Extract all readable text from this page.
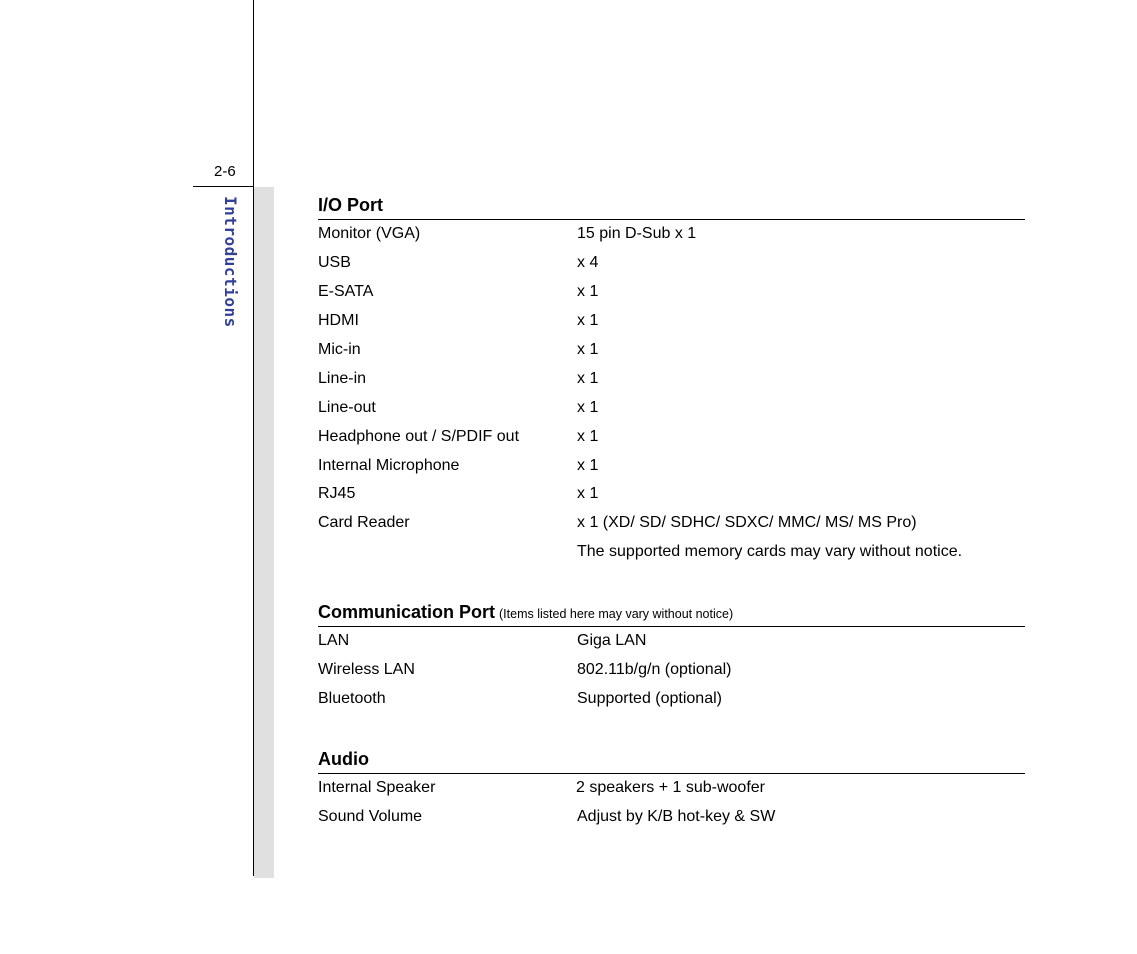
2-6
Introductions	I/O Port
Monitor (VGA)	15 pin D-Sub x 1
USB	x 4
E-SATA	x 1
HDMI	x 1
Mic-in	x 1
Line-in	x 1
Line-out	x 1
Headphone out / S/PDIF out	x 1
Internal Microphone	x 1
RJ45	x 1
Card Reader	x 1 (XD/ SD/ SDHC/ SDXC/ MMC/ MS/ MS Pro)
The supported memory cards may vary without notice.
Communication Port (Items listed here may vary without notice)
LAN	Giga LAN
Wireless LAN	802.11b/g/n (optional)
Bluetooth	Supported (optional)
Audio
Internal Speaker	2 speakers + 1 sub-woofer
Sound Volume	Adjust by K/B hot-key & SW
